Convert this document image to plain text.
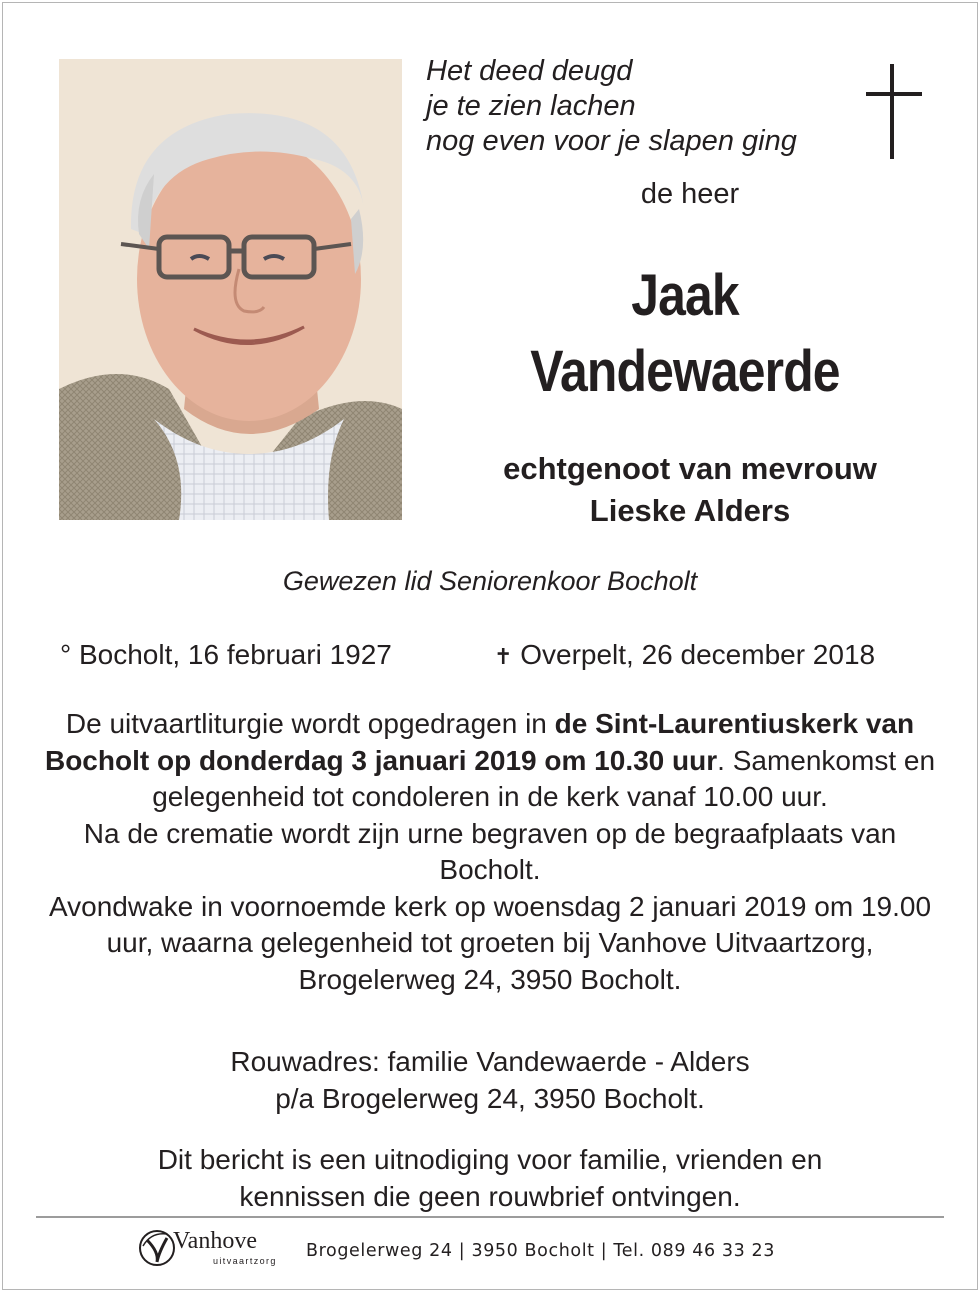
Het deed deugd
je te zien lachen
nog even voor je slapen ging
de heer
Jaak
Vandewaerde
echtgenoot van mevrouw
Lieske Alders
Gewezen lid Seniorenkoor Bocholt
° Bocholt, 16 februari 1927	✝ Overpelt, 26 december 2018
De uitvaartliturgie wordt opgedragen in de Sint-Laurentiuskerk van Bocholt op donderdag 3 januari 2019 om 10.30 uur. Samenkomst en gelegenheid tot condoleren in de kerk vanaf 10.00 uur.
Na de crematie wordt zijn urne begraven op de begraafplaats van Bocholt.
Avondwake in voornoemde kerk op woensdag 2 januari 2019 om 19.00 uur, waarna gelegenheid tot groeten bij Vanhove Uitvaartzorg, Brogelerweg 24, 3950 Bocholt.
Rouwadres: familie Vandewaerde - Alders
p/a Brogelerweg 24, 3950 Bocholt.
Dit bericht is een uitnodiging voor familie, vrienden en
kennissen die geen rouwbrief ontvingen.
Vanhove
uitvaartzorg Brogelerweg 24 | 3950 Bocholt | Tel. 089 46 33 23
